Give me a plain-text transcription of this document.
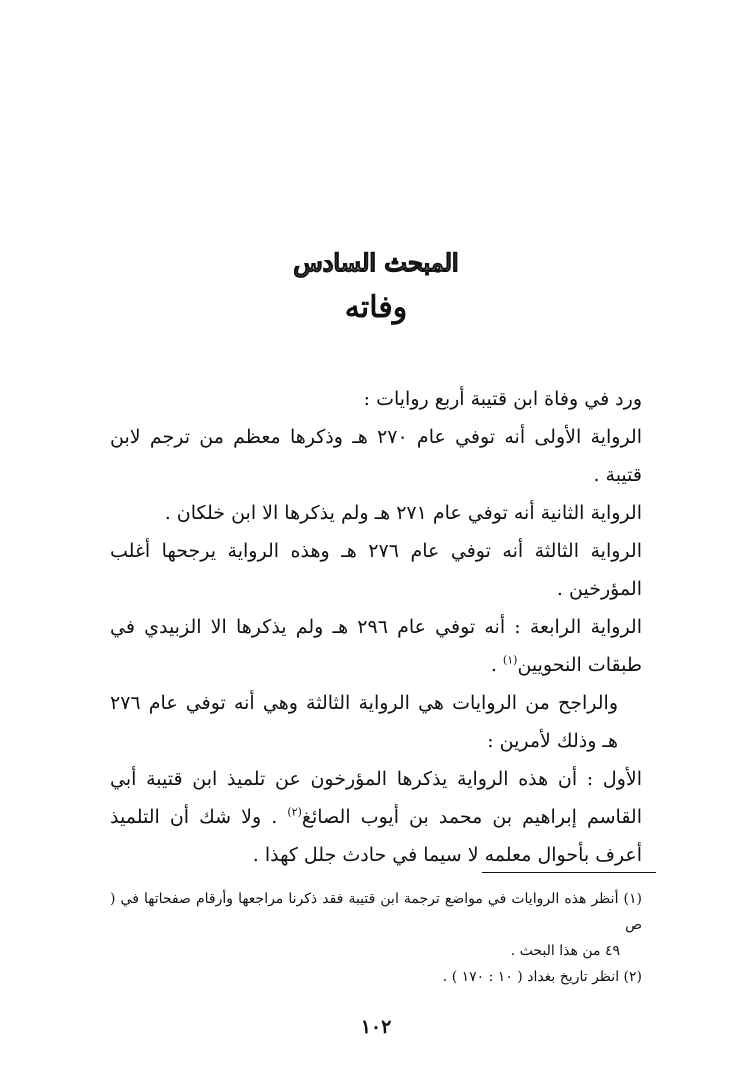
المبحث السادس
وفاته

ورد في وفاة ابن قتيبة أربع روايات :

الرواية الأولى أنه توفي عام ٢٧٠ هـ وذكرها معظم من ترجم لابن قتيبة .

الرواية الثانية أنه توفي عام ٢٧١ هـ ولم يذكرها الا ابن خلكان .

الرواية الثالثة أنه توفي عام ٢٧٦ هـ وهذه الرواية يرجحها أغلب المؤرخين .

الرواية الرابعة : أنه توفي عام ٢٩٦ هـ ولم يذكرها الا الزبيدي في طبقات النحويين$^{(١)}$ .

والراجح من الروايات هي الرواية الثالثة وهي أنه توفي عام ٢٧٦ هـ وذلك لأمرين :

الأول : أن هذه الرواية يذكرها المؤرخون عن تلميذ ابن قتيبة أبي القاسم إبراهيم بن محمد بن أيوب الصائغ$^{(٢)}$ . ولا شك أن التلميذ أعرف بأحوال معلمه لا سيما في حادث جلل كهذا .

(١) أنظر هذه الروايات في مواضع ترجمة ابن قتيبة فقد ذكرنا مراجعها وأرقام صفحاتها في ( ص

٤٩ من هذا البحث .

(٢) انظر تاريخ بغداد ( ١٠ : ١٧٠ ) .

١٠٢
